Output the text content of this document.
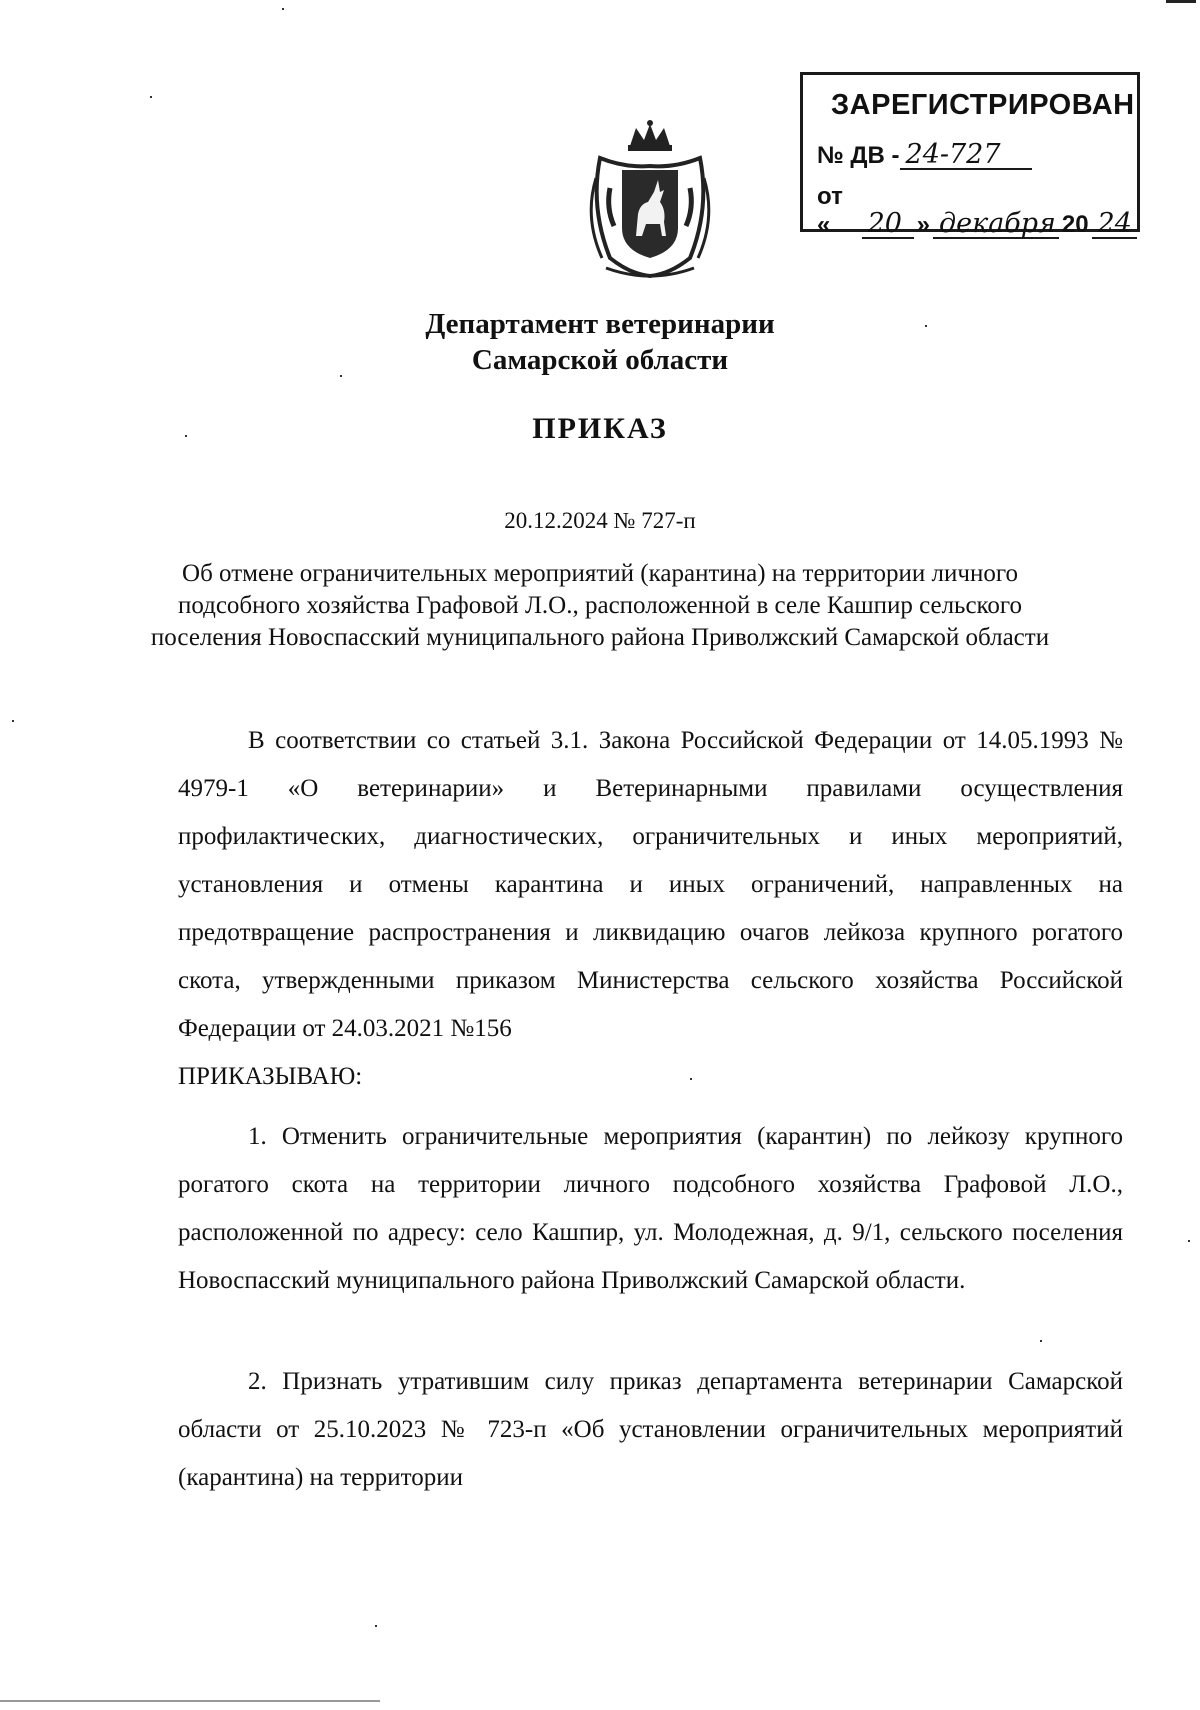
ЗАРЕГИСТРИРОВАН
№ ДВ - 24-727
от «	20 » декабря 20 24
Департамент ветеринарии
Самарской области
ПРИКАЗ
20.12.2024 № 727-п
Об отмене ограничительных мероприятий (карантина) на территории личного подсобного хозяйства Графовой Л.О., расположенной в селе Кашпир сельского поселения Новоспасский муниципального района Приволжский Самарской области
В соответствии со статьей 3.1. Закона Российской Федерации от 14.05.1993 № 4979-1 «О ветеринарии» и Ветеринарными правилами осуществления профилактических, диагностических, ограничительных и иных мероприятий, установления и отмены карантина и иных ограничений, направленных на предотвращение распространения и ликвидацию очагов лейкоза крупного рогатого скота, утвержденными приказом Министерства сельского хозяйства Российской Федерации от 24.03.2021 №156
ПРИКАЗЫВАЮ:
1. Отменить ограничительные мероприятия (карантин) по лейкозу крупного рогатого скота на территории личного подсобного хозяйства Графовой Л.О., расположенной по адресу: село Кашпир, ул. Молодежная, д. 9/1, сельского поселения Новоспасский муниципального района Приволжский Самарской области.
2. Признать утратившим силу приказ департамента ветеринарии Самарской области от 25.10.2023 № 723-п «Об установлении ограничительных мероприятий (карантина) на территории
